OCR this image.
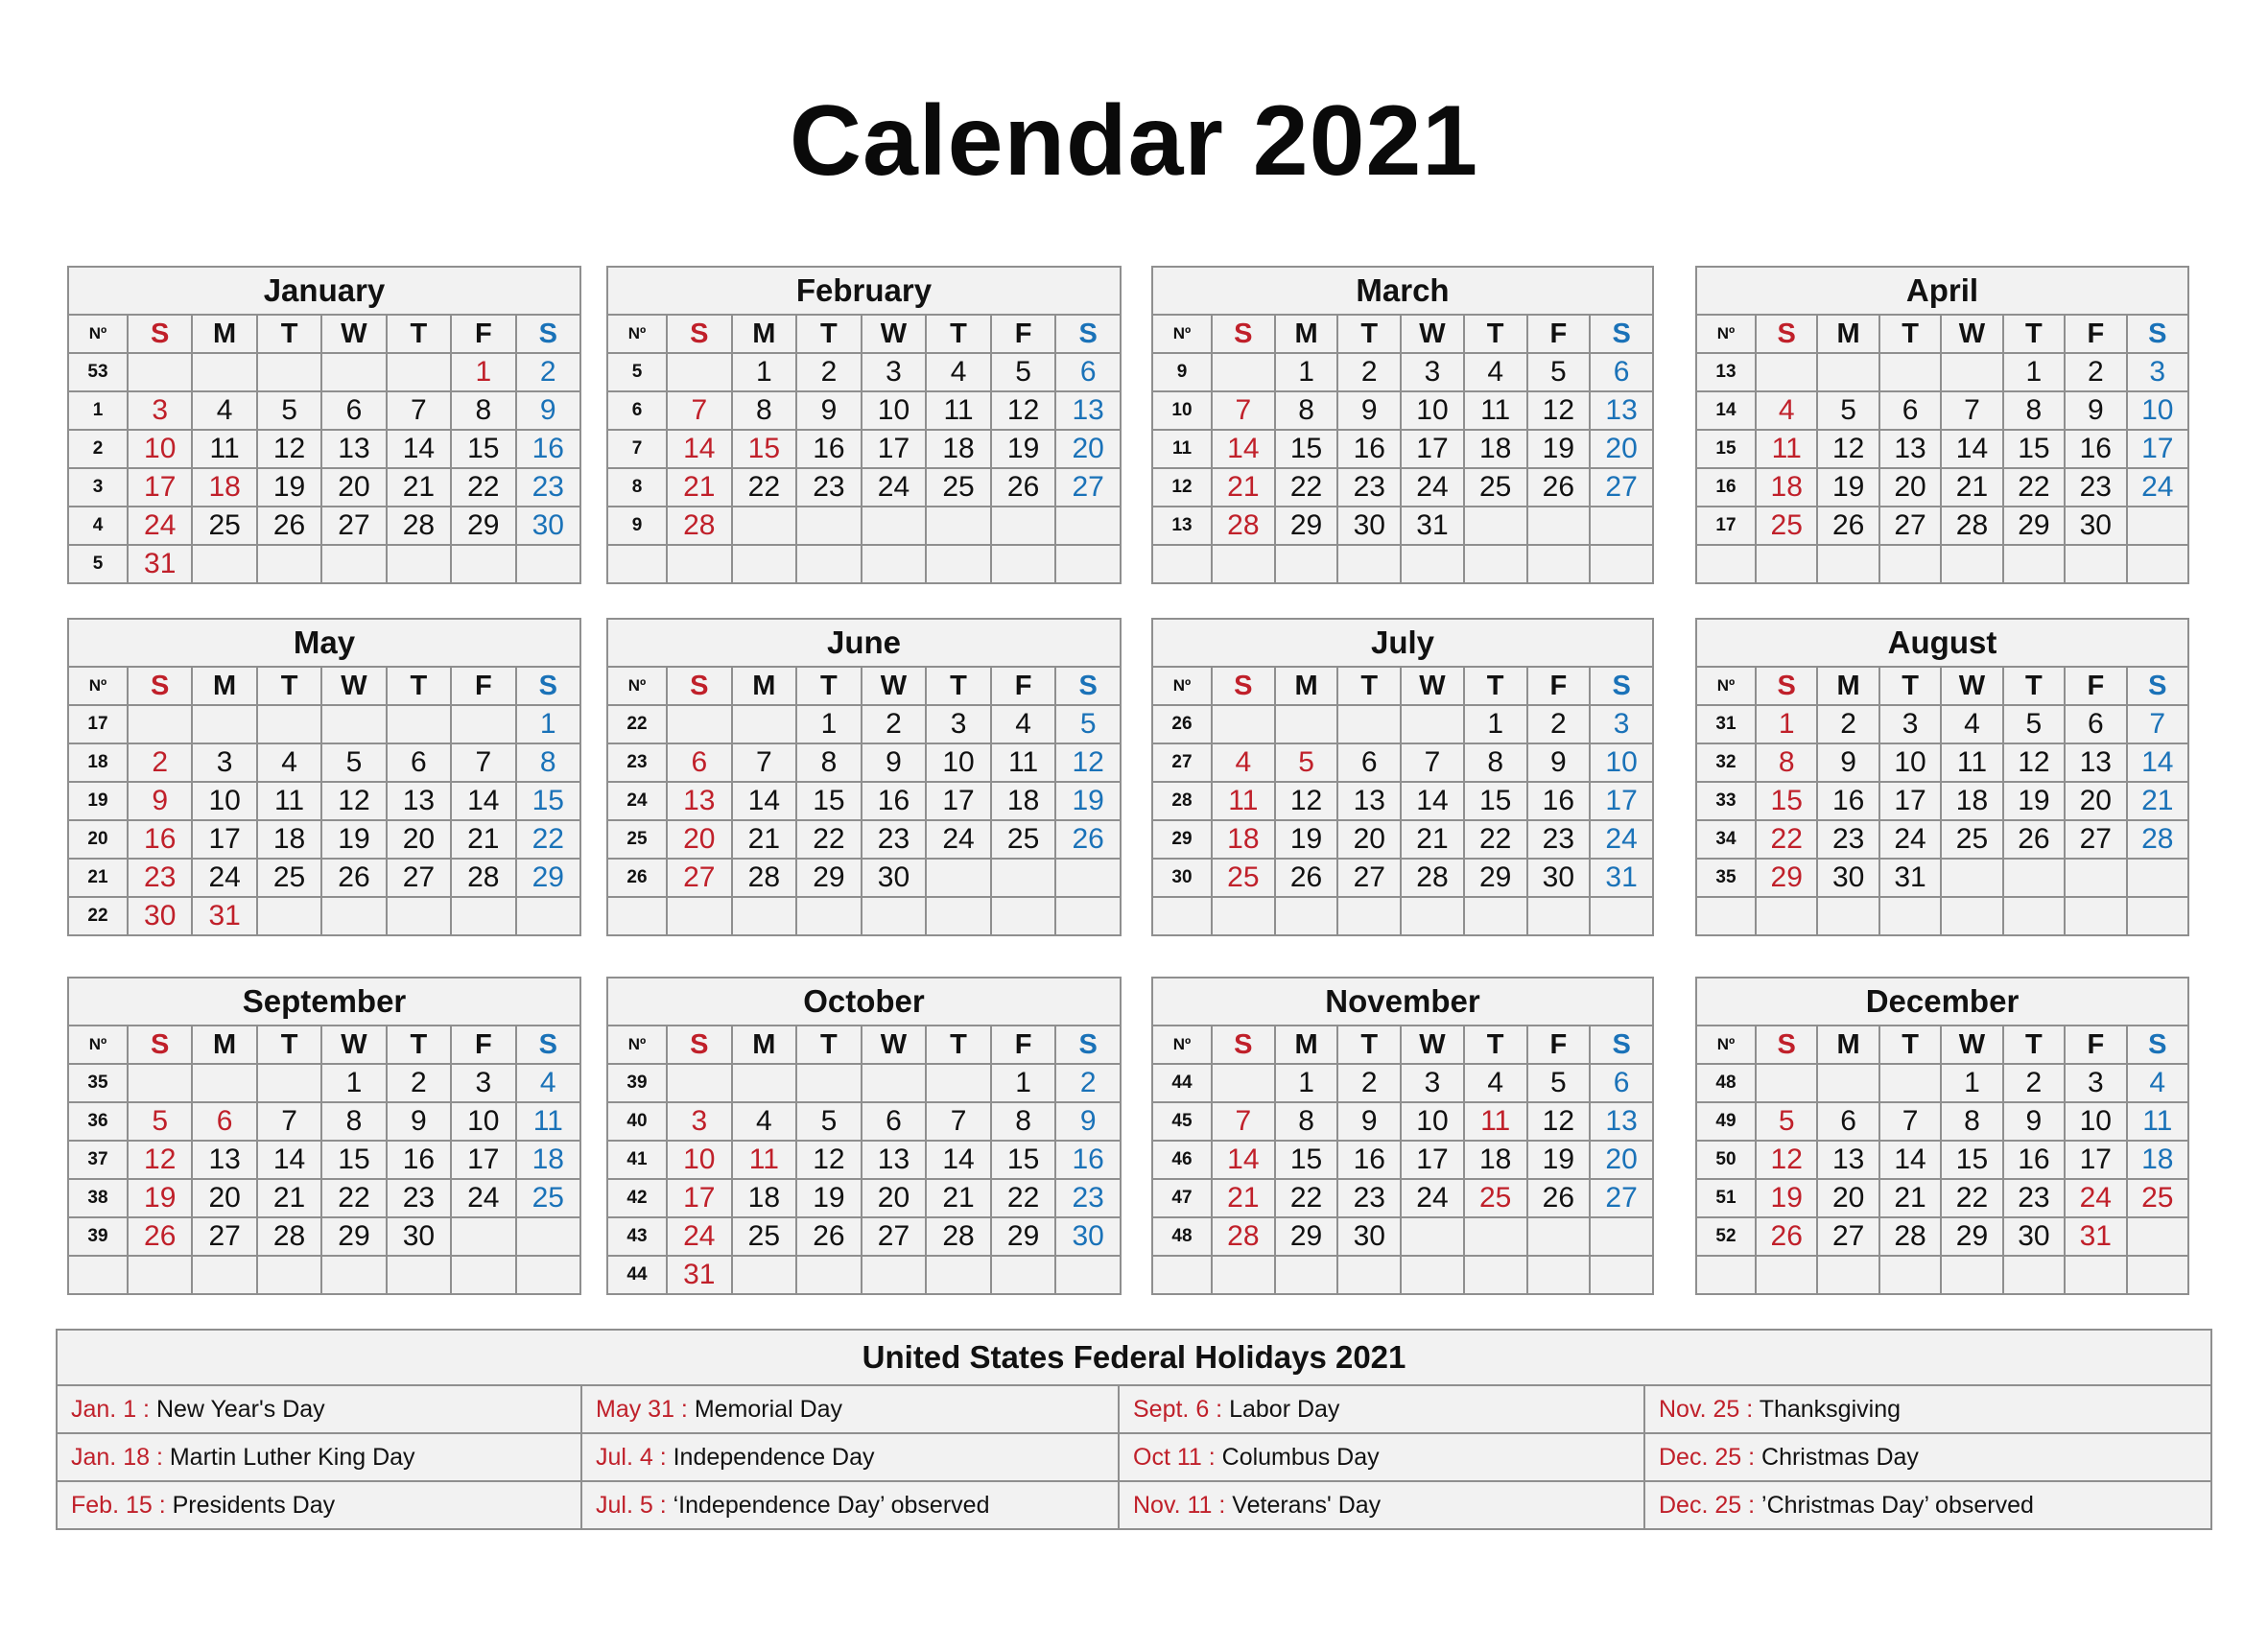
Calendar 2021
January							
Nº	S	M	T	W	T	F	S
53						1	2
1	3	4	5	6	7	8	9
2	10	11	12	13	14	15	16
3	17	18	19	20	21	22	23
4	24	25	26	27	28	29	30
5	31						
February							
Nº	S	M	T	W	T	F	S
5		1	2	3	4	5	6
6	7	8	9	10	11	12	13
7	14	15	16	17	18	19	20
8	21	22	23	24	25	26	27
9	28						

March							
Nº	S	M	T	W	T	F	S
9		1	2	3	4	5	6
10	7	8	9	10	11	12	13
11	14	15	16	17	18	19	20
12	21	22	23	24	25	26	27
13	28	29	30	31			

April							
Nº	S	M	T	W	T	F	S
13					1	2	3
14	4	5	6	7	8	9	10
15	11	12	13	14	15	16	17
16	18	19	20	21	22	23	24
17	25	26	27	28	29	30	

May							
Nº	S	M	T	W	T	F	S
17							1
18	2	3	4	5	6	7	8
19	9	10	11	12	13	14	15
20	16	17	18	19	20	21	22
21	23	24	25	26	27	28	29
22	30	31					
June							
Nº	S	M	T	W	T	F	S
22			1	2	3	4	5
23	6	7	8	9	10	11	12
24	13	14	15	16	17	18	19
25	20	21	22	23	24	25	26
26	27	28	29	30			

July							
Nº	S	M	T	W	T	F	S
26					1	2	3
27	4	5	6	7	8	9	10
28	11	12	13	14	15	16	17
29	18	19	20	21	22	23	24
30	25	26	27	28	29	30	31

August							
Nº	S	M	T	W	T	F	S
31	1	2	3	4	5	6	7
32	8	9	10	11	12	13	14
33	15	16	17	18	19	20	21
34	22	23	24	25	26	27	28
35	29	30	31				

September							
Nº	S	M	T	W	T	F	S
35				1	2	3	4
36	5	6	7	8	9	10	11
37	12	13	14	15	16	17	18
38	19	20	21	22	23	24	25
39	26	27	28	29	30		

October							
Nº	S	M	T	W	T	F	S
39						1	2
40	3	4	5	6	7	8	9
41	10	11	12	13	14	15	16
42	17	18	19	20	21	22	23
43	24	25	26	27	28	29	30
44	31						
November							
Nº	S	M	T	W	T	F	S
44		1	2	3	4	5	6
45	7	8	9	10	11	12	13
46	14	15	16	17	18	19	20
47	21	22	23	24	25	26	27
48	28	29	30				

December							
Nº	S	M	T	W	T	F	S
48				1	2	3	4
49	5	6	7	8	9	10	11
50	12	13	14	15	16	17	18
51	19	20	21	22	23	24	25
52	26	27	28	29	30	31	

United States Federal Holidays 2021			
Jan. 1 : New Year's Day	May 31 : Memorial Day	Sept. 6 : Labor Day	Nov. 25 : Thanksgiving
Jan. 18 : Martin Luther King Day	Jul. 4 : Independence Day	Oct 11 : Columbus Day	Dec. 25 : Christmas Day
Feb. 15 : Presidents Day	Jul. 5 : ‘Independence Day’ observed	Nov. 11 : Veterans' Day	Dec. 25 : ’Christmas Day’ observed
